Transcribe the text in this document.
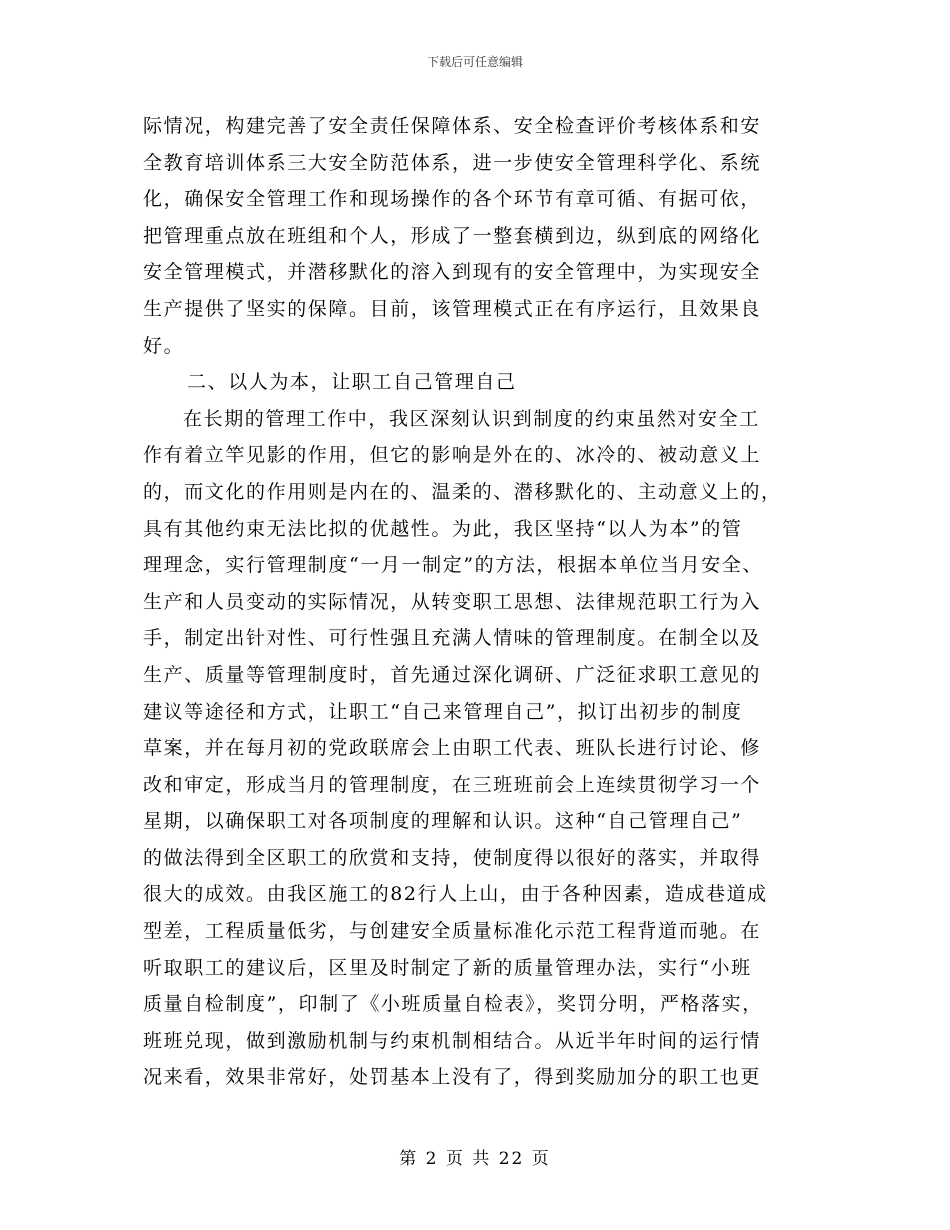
下载后可任意编辑
际情况，构建完善了安全责任保障体系、安全检查评价考核体系和安
全教育培训体系三大安全防范体系，进一步使安全管理科学化、系统
化，确保安全管理工作和现场操作的各个环节有章可循、有据可依，
把管理重点放在班组和个人，形成了一整套横到边，纵到底的网络化
安全管理模式，并潜移默化的溶入到现有的安全管理中，为实现安全
生产提供了坚实的保障。目前，该管理模式正在有序运行，且效果良
好。
二、以人为本，让职工自己管理自己
在长期的管理工作中，我区深刻认识到制度的约束虽然对安全工
作有着立竿见影的作用，但它的影响是外在的、冰冷的、被动意义上
的，而文化的作用则是内在的、温柔的、潜移默化的、主动意义上的，
具有其他约束无法比拟的优越性。为此，我区坚持“以人为本”的管
理理念，实行管理制度“一月一制定”的方法，根据本单位当月安全、
生产和人员变动的实际情况，从转变职工思想、法律规范职工行为入
手，制定出针对性、可行性强且充满人情味的管理制度。在制全以及
生产、质量等管理制度时，首先通过深化调研、广泛征求职工意见的
建议等途径和方式，让职工“自己来管理自己”，拟订出初步的制度
草案，并在每月初的党政联席会上由职工代表、班队长进行讨论、修
改和审定，形成当月的管理制度，在三班班前会上连续贯彻学习一个
星期，以确保职工对各项制度的理解和认识。这种“自己管理自己”
的做法得到全区职工的欣赏和支持，使制度得以很好的落实，并取得
很大的成效。由我区施工的82行人上山，由于各种因素，造成巷道成
型差，工程质量低劣，与创建安全质量标准化示范工程背道而驰。在
听取职工的建议后，区里及时制定了新的质量管理办法，实行“小班
质量自检制度”，印制了《小班质量自检表》，奖罚分明，严格落实，
班班兑现，做到激励机制与约束机制相结合。从近半年时间的运行情
况来看，效果非常好，处罚基本上没有了，得到奖励加分的职工也更
第 2 页 共 22 页
